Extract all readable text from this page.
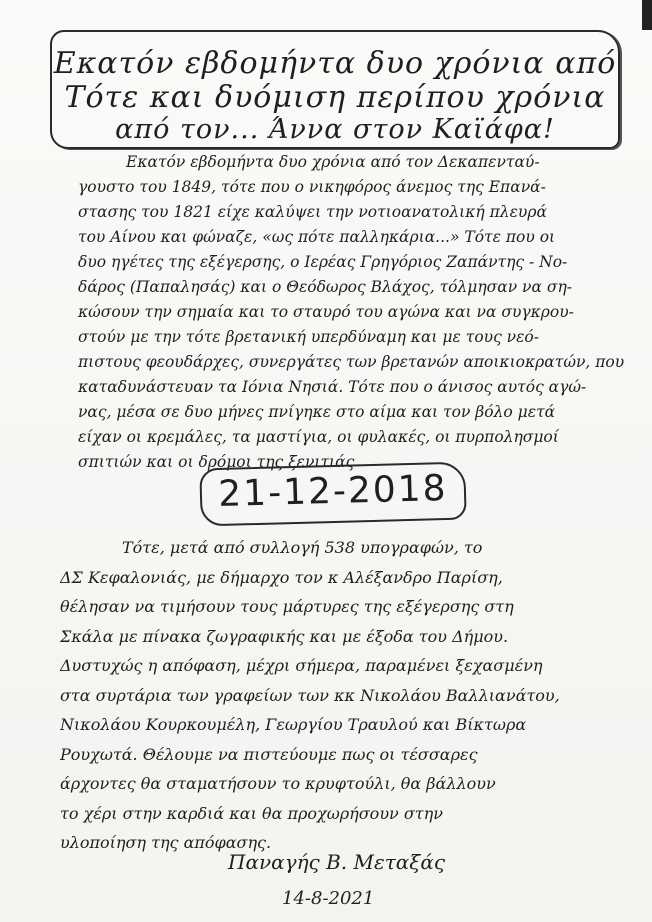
Εκατόν εβδομήντα δυο χρόνια από
Τότε και δυόμιση περίπου χρόνια
από τον... Άννα στον Καϊάφα!
Εκατόν εβδομήντα δυο χρόνια από τον Δεκαπενταύ-
γουστο του 1849, τότε που ο νικηφόρος άνεμος της Επανά-
στασης του 1821 είχε καλύψει την νοτιοανατολική πλευρά
του Αίνου και φώναζε, «ως πότε παλληκάρια...» Τότε που οι
δυο ηγέτες της εξέγερσης, ο Ιερέας Γρηγόριος Ζαπάντης - Νο-
δάρος (Παπαλησάς) και ο Θεόδωρος Βλάχος, τόλμησαν να ση-
κώσουν την σημαία και το σταυρό του αγώνα και να συγκρου-
στούν με την τότε βρετανική υπερδύναμη και με τους νεό-
πιστους φεουδάρχες, συνεργάτες των βρετανών αποικιοκρατών, που
καταδυνάστευαν τα Ιόνια Νησιά. Τότε που ο άνισος αυτός αγώ-
νας, μέσα σε δυο μήνες πνίγηκε στο αίμα και τον βόλο μετά
είχαν οι κρεμάλες, τα μαστίγια, οι φυλακές, οι πυρπολησμοί
σπιτιών και οι δρόμοι της ξενιτιάς
21-12-2018
Τότε, μετά από συλλογή 538 υπογραφών, το
ΔΣ Κεφαλονιάς, με δήμαρχο τον κ Αλέξανδρο Παρίση,
θέλησαν να τιμήσουν τους μάρτυρες της εξέγερσης στη
Σκάλα με πίνακα ζωγραφικής και με έξοδα του Δήμου.
Δυστυχώς η απόφαση, μέχρι σήμερα, παραμένει ξεχασμένη
στα συρτάρια των γραφείων των κκ Νικολάου Βαλλιανάτου,
Νικολάου Κουρκουμέλη, Γεωργίου Τραυλού και Βίκτωρα
Ρουχωτά. Θέλουμε να πιστεύουμε πως οι τέσσαρες
άρχοντες θα σταματήσουν το κρυφτούλι, θα βάλλουν
το χέρι στην καρδιά και θα προχωρήσουν στην
υλοποίηση της απόφασης.
Παναγής Β. Μεταξάς
14-8-2021
